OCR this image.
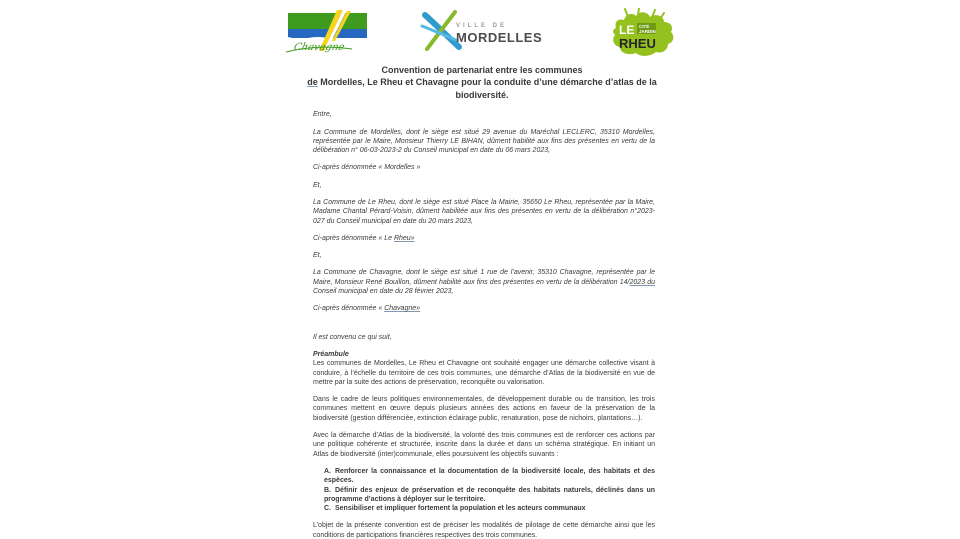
Chavagne
VILLE DE
MORDELLES	LE CITÉ
JARDIN
RHEU
Convention de partenariat entre les communes
de Mordelles, Le Rheu et Chavagne pour la conduite d’une démarche d’atlas de la
biodiversité.

Entre,

La Commune de Mordelles, dont le siège est situé 29 avenue du Maréchal LECLERC, 35310 Mordelles, représentée par le Maire, Monsieur Thierry LE BIHAN, dûment habilité aux fins des présentes en vertu de la délibération n° 06-03-2023-2 du Conseil municipal en date du 06 mars 2023,

Ci-après dénommée « Mordelles »

Et,

La Commune de Le Rheu, dont le siège est situé Place la Mairie, 35650 Le Rheu, représentée par la Maire, Madame Chantal Pérard-Voisin, dûment habilitée aux fins des présentes en vertu de la délibération n°2023-027 du Conseil municipal en date du 20 mars 2023,

Ci-après dénommée « Le Rheu»

Et,

La Commune de Chavagne, dont le siège est situé 1 rue de l’avenir, 35310 Chavagne, représentée par le Maire, Monsieur René Bouillon, dûment habilité aux fins des présentes en vertu de la délibération 14/2023 du Conseil municipal en date du 28 février 2023,

Ci-après dénommée « Chavagne»

Il est convenu ce qui suit,

Préambule

Les communes de Mordelles, Le Rheu et Chavagne ont souhaité engager une démarche collective visant à conduire, à l’échelle du territoire de ces trois communes, une démarche d’Atlas de la biodiversité en vue de mettre par la suite des actions de préservation, reconquête ou valorisation.

Dans le cadre de leurs politiques environnementales, de développement durable ou de transition, les trois communes mettent en œuvre depuis plusieurs années des actions en faveur de la préservation de la biodiversité (gestion différenciée, extinction éclairage public, renaturation, pose de nichoirs, plantations…).

Avec la démarche d’Atlas de la biodiversité, la volonté des trois communes est de renforcer ces actions par une politique cohérente et structurée, inscrite dans la durée et dans un schéma stratégique. En initiant un Atlas de biodiversité (inter)communale, elles poursuivent les objectifs suivants :

A. Renforcer la connaissance et la documentation de la biodiversité locale, des habitats et des espèces.
B. Définir des enjeux de préservation et de reconquête des habitats naturels, déclinés dans un programme d’actions à déployer sur le territoire.
C. Sensibiliser et impliquer fortement la population et les acteurs communaux

L’objet de la présente convention est de préciser les modalités de pilotage de cette démarche ainsi que les conditions de participations financières respectives des trois communes.
